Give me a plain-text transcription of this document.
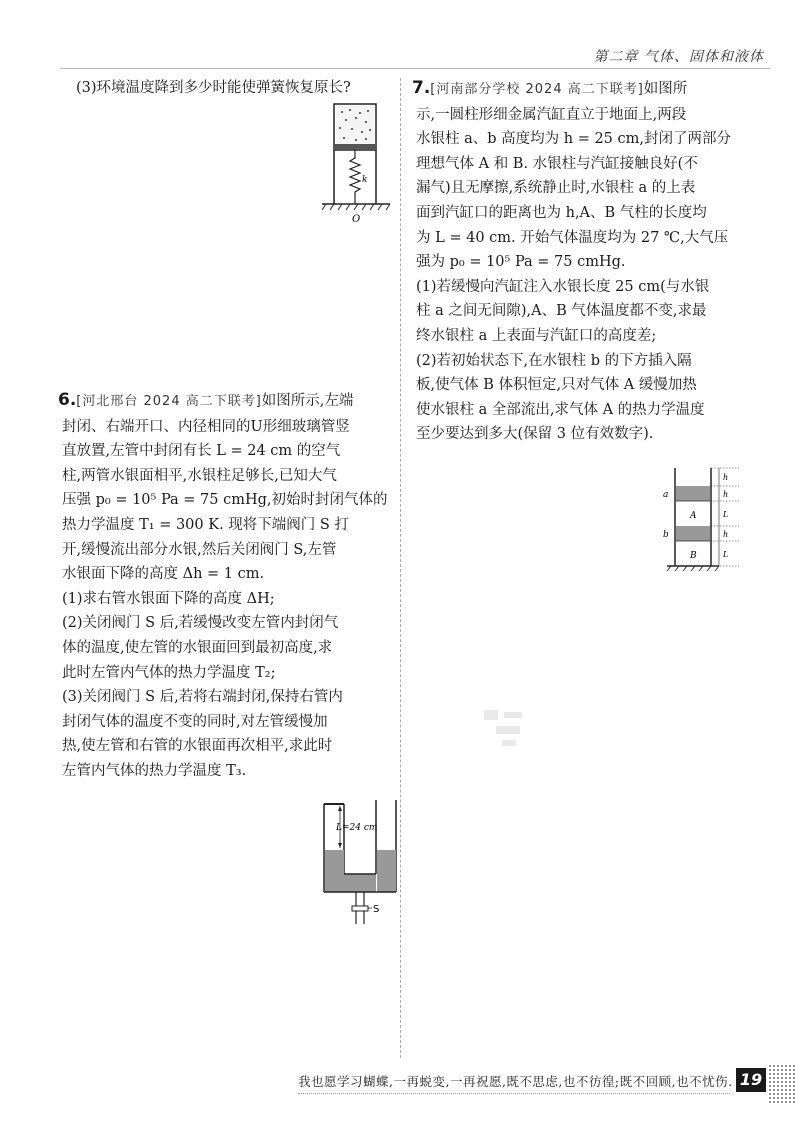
第二章 气体、固体和液体

(3)环境温度降到多少时能使弹簧恢复原长?

k
O

6.[河北邢台 2024 高二下联考]如图所示,左端

封闭、右端开口、内径相同的U形细玻璃管竖

直放置,左管中封闭有长 L = 24 cm 的空气

柱,两管水银面相平,水银柱足够长,已知大气

压强 p₀ = 10⁵ Pa = 75 cmHg,初始时封闭气体的

热力学温度 T₁ = 300 K. 现将下端阀门 S 打

开,缓慢流出部分水银,然后关闭阀门 S,左管

水银面下降的高度 Δh = 1 cm.

(1)求右管水银面下降的高度 ΔH;

(2)关闭阀门 S 后,若缓慢改变左管内封闭气

体的温度,使左管的水银面回到最初高度,求

此时左管内气体的热力学温度 T₂;

(3)关闭阀门 S 后,若将右端封闭,保持右管内

封闭气体的温度不变的同时,对左管缓慢加

热,使左管和右管的水银面再次相平,求此时

左管内气体的热力学温度 T₃.

L=24 cm
S

7.[河南部分学校 2024 高二下联考]如图所

示,一圆柱形细金属汽缸直立于地面上,两段

水银柱 a、b 高度均为 h = 25 cm,封闭了两部分

理想气体 A 和 B. 水银柱与汽缸接触良好(不

漏气)且无摩擦,系统静止时,水银柱 a 的上表

面到汽缸口的距离也为 h,A、B 气柱的长度均

为 L = 40 cm. 开始气体温度均为 27 ℃,大气压

强为 p₀ = 10⁵ Pa = 75 cmHg.

(1)若缓慢向汽缸注入水银长度 25 cm(与水银

柱 a 之间无间隙),A、B 气体温度都不变,求最

终水银柱 a 上表面与汽缸口的高度差;

(2)若初始状态下,在水银柱 b 的下方插入隔

板,使气体 B 体积恒定,只对气体 A 缓慢加热

使水银柱 a 全部流出,求气体 A 的热力学温度

至少要达到多大(保留 3 位有效数字).

a
b
A
B
h
h
L
h
L
我也愿学习蝴蝶,一再蜕变,一再祝愿,既不思虑,也不彷徨;既不回顾,也不忧伤. 19
